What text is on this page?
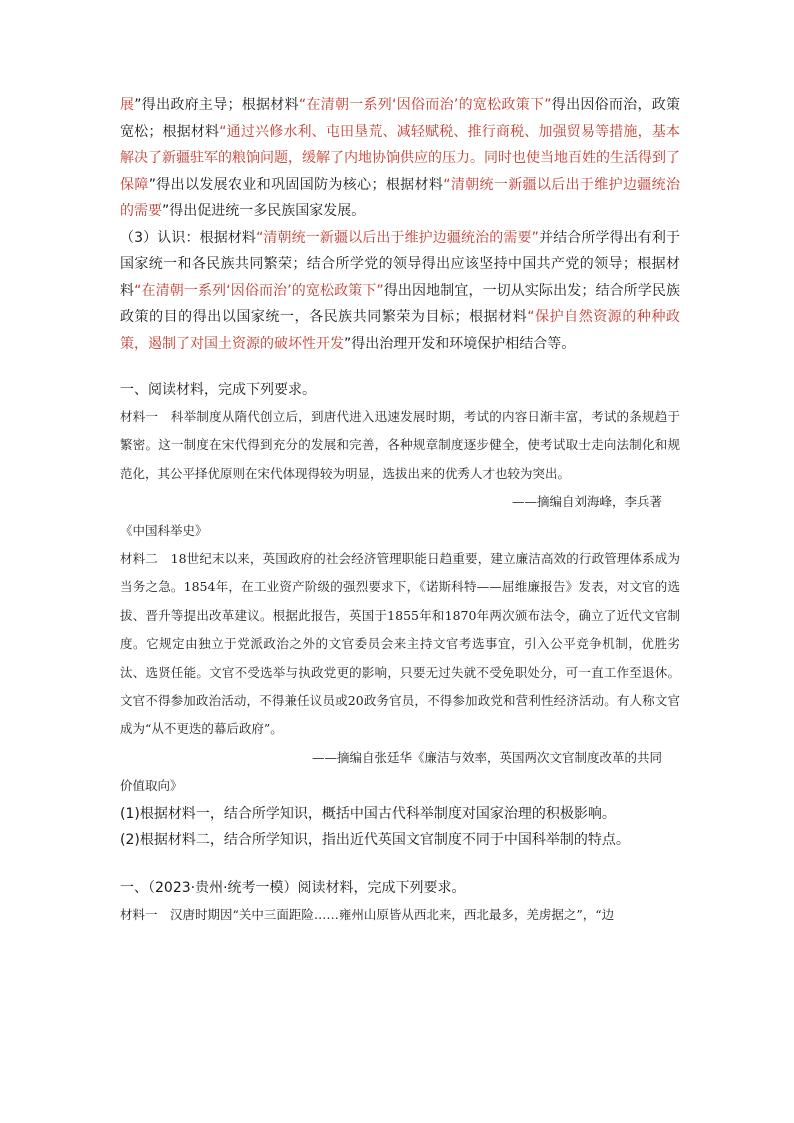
展”得出政府主导；根据材料“在清朝一系列‘因俗而治’的宽松政策下”得出因俗而治，政策宽松；根据材料“通过兴修水利、屯田垦荒、减轻赋税、推行商税、加强贸易等措施，基本解决了新疆驻军的粮饷问题，缓解了内地协饷供应的压力。同时也使当地百姓的生活得到了保障”得出以发展农业和巩固国防为核心；根据材料“清朝统一新疆以后出于维护边疆统治的需要”得出促进统一多民族国家发展。

（3）认识：根据材料“清朝统一新疆以后出于维护边疆统治的需要”并结合所学得出有利于国家统一和各民族共同繁荣；结合所学党的领导得出应该坚持中国共产党的领导；根据材料“在清朝一系列‘因俗而治’的宽松政策下”得出因地制宜，一切从实际出发；结合所学民族政策的目的得出以国家统一，各民族共同繁荣为目标；根据材料“保护自然资源的种种政策，遏制了对国土资源的破坏性开发”得出治理开发和环境保护相结合等。

一、阅读材料，完成下列要求。

材料一　科举制度从隋代创立后，到唐代进入迅速发展时期，考试的内容日渐丰富，考试的条规趋于繁密。这一制度在宋代得到充分的发展和完善，各种规章制度逐步健全，使考试取士走向法制化和规范化，其公平择优原则在宋代体现得较为明显，选拔出来的优秀人才也较为突出。

——摘编自刘海峰，李兵著

《中国科举史》

材料二　18世纪末以来，英国政府的社会经济管理职能日趋重要，建立廉洁高效的行政管理体系成为当务之急。1854年，在工业资产阶级的强烈要求下，《诺斯科特——屈维廉报告》发表，对文官的选拔、晋升等提出改革建议。根据此报告，英国于1855年和1870年两次颁布法令，确立了近代文官制度。它规定由独立于党派政治之外的文官委员会来主持文官考选事宜，引入公平竞争机制，优胜劣汰、选贤任能。文官不受选举与执政党更的影响，只要无过失就不受免职处分，可一直工作至退休。文官不得参加政治活动，不得兼任议员或20政务官员，不得参加政党和营利性经济活动。有人称文官成为“从不更迭的幕后政府”。

——摘编自张廷华《廉洁与效率，英国两次文官制度改革的共同

价值取向》

(1)根据材料一，结合所学知识，概括中国古代科举制度对国家治理的积极影响。

(2)根据材料二，结合所学知识，指出近代英国文官制度不同于中国科举制的特点。

一、（2023·贵州·统考一模）阅读材料，完成下列要求。

材料一　汉唐时期因“关中三面距险……雍州山原皆从西北来，西北最多，羌虏据之”，“边
